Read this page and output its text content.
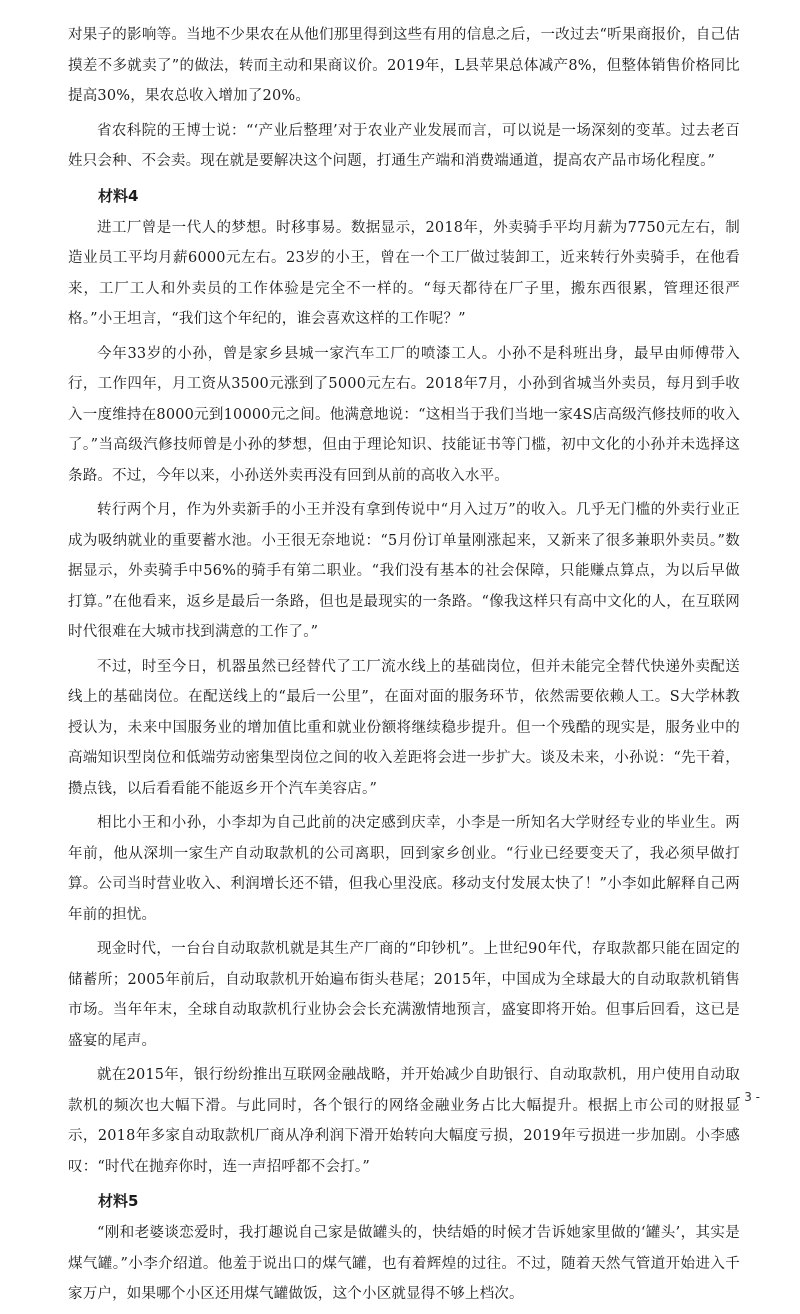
对果子的影响等。当地不少果农在从他们那里得到这些有用的信息之后，一改过去“听果商报价，自己估摸差不多就卖了”的做法，转而主动和果商议价。2019年，L县苹果总体减产8%，但整体销售价格同比提高30%，果农总收入增加了20%。

省农科院的王博士说：“‘产业后整理’对于农业产业发展而言，可以说是一场深刻的变革。过去老百姓只会种、不会卖。现在就是要解决这个问题，打通生产端和消费端通道，提高农产品市场化程度。”

材料4

进工厂曾是一代人的梦想。时移事易。数据显示，2018年，外卖骑手平均月薪为7750元左右，制造业员工平均月薪6000元左右。23岁的小王，曾在一个工厂做过装卸工，近来转行外卖骑手，在他看来，工厂工人和外卖员的工作体验是完全不一样的。“每天都待在厂子里，搬东西很累，管理还很严格。”小王坦言，“我们这个年纪的，谁会喜欢这样的工作呢？”

今年33岁的小孙，曾是家乡县城一家汽车工厂的喷漆工人。小孙不是科班出身，最早由师傅带入行，工作四年，月工资从3500元涨到了5000元左右。2018年7月，小孙到省城当外卖员，每月到手收入一度维持在8000元到10000元之间。他满意地说：“这相当于我们当地一家4S店高级汽修技师的收入了。”当高级汽修技师曾是小孙的梦想，但由于理论知识、技能证书等门槛，初中文化的小孙并未选择这条路。不过，今年以来，小孙送外卖再没有回到从前的高收入水平。

转行两个月，作为外卖新手的小王并没有拿到传说中“月入过万”的收入。几乎无门槛的外卖行业正成为吸纳就业的重要蓄水池。小王很无奈地说：“5月份订单量刚涨起来，又新来了很多兼职外卖员。”数据显示，外卖骑手中56%的骑手有第二职业。“我们没有基本的社会保障，只能赚点算点，为以后早做打算。”在他看来，返乡是最后一条路，但也是最现实的一条路。“像我这样只有高中文化的人，在互联网时代很难在大城市找到满意的工作了。”

不过，时至今日，机器虽然已经替代了工厂流水线上的基础岗位，但并未能完全替代快递外卖配送线上的基础岗位。在配送线上的“最后一公里”，在面对面的服务环节，依然需要依赖人工。S大学林教授认为，未来中国服务业的增加值比重和就业份额将继续稳步提升。但一个残酷的现实是，服务业中的高端知识型岗位和低端劳动密集型岗位之间的收入差距将会进一步扩大。谈及未来，小孙说：“先干着，攒点钱，以后看看能不能返乡开个汽车美容店。”

相比小王和小孙，小李却为自己此前的决定感到庆幸，小李是一所知名大学财经专业的毕业生。两年前，他从深圳一家生产自动取款机的公司离职，回到家乡创业。“行业已经要变天了，我必须早做打算。公司当时营业收入、利润增长还不错，但我心里没底。移动支付发展太快了！”小李如此解释自己两年前的担忧。

现金时代，一台台自动取款机就是其生产厂商的“印钞机”。上世纪90年代，存取款都只能在固定的储蓄所；2005年前后，自动取款机开始遍布街头巷尾；2015年，中国成为全球最大的自动取款机销售市场。当年年末，全球自动取款机行业协会会长充满激情地预言，盛宴即将开始。但事后回看，这已是盛宴的尾声。

就在2015年，银行纷纷推出互联网金融战略，并开始减少自助银行、自动取款机，用户使用自动取款机的频次也大幅下滑。与此同时，各个银行的网络金融业务占比大幅提升。根据上市公司的财报显示，2018年多家自动取款机厂商从净利润下滑开始转向大幅度亏损，2019年亏损进一步加剧。小李感叹：“时代在抛弃你时，连一声招呼都不会打。”

材料5

“刚和老婆谈恋爱时，我打趣说自己家是做罐头的，快结婚的时候才告诉她家里做的‘罐头’，其实是煤气罐。”小李介绍道。他羞于说出口的煤气罐，也有着辉煌的过往。不过，随着天然气管道开始进入千家万户，如果哪个小区还用煤气罐做饭，这个小区就显得不够上档次。

- 3 -
